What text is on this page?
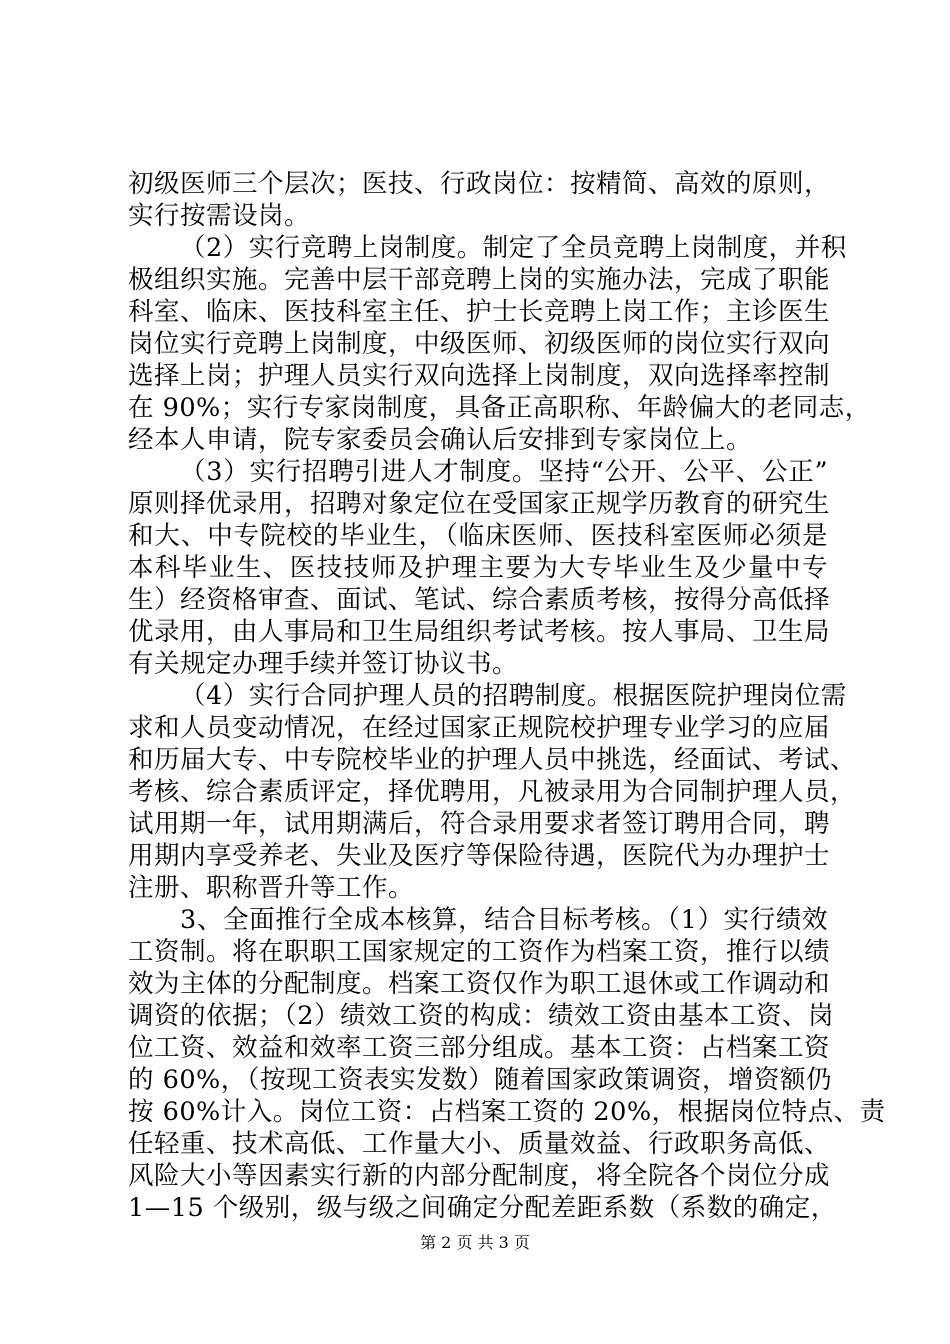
初级医师三个层次；医技、行政岗位：按精简、高效的原则，
实行按需设岗。
（2）实行竞聘上岗制度。制定了全员竞聘上岗制度，并积
极组织实施。完善中层干部竞聘上岗的实施办法，完成了职能
科室、临床、医技科室主任、护士长竞聘上岗工作；主诊医生
岗位实行竞聘上岗制度，中级医师、初级医师的岗位实行双向
选择上岗；护理人员实行双向选择上岗制度，双向选择率控制
在 90%；实行专家岗制度，具备正高职称、年龄偏大的老同志，
经本人申请，院专家委员会确认后安排到专家岗位上。
（3）实行招聘引进人才制度。坚持“公开、公平、公正”
原则择优录用，招聘对象定位在受国家正规学历教育的研究生
和大、中专院校的毕业生，（临床医师、医技科室医师必须是
本科毕业生、医技技师及护理主要为大专毕业生及少量中专
生）经资格审查、面试、笔试、综合素质考核，按得分高低择
优录用，由人事局和卫生局组织考试考核。按人事局、卫生局
有关规定办理手续并签订协议书。
（4）实行合同护理人员的招聘制度。根据医院护理岗位需
求和人员变动情况，在经过国家正规院校护理专业学习的应届
和历届大专、中专院校毕业的护理人员中挑选，经面试、考试、
考核、综合素质评定，择优聘用，凡被录用为合同制护理人员，
试用期一年，试用期满后，符合录用要求者签订聘用合同，聘
用期内享受养老、失业及医疗等保险待遇，医院代为办理护士
注册、职称晋升等工作。
3、全面推行全成本核算，结合目标考核。（1）实行绩效
工资制。将在职职工国家规定的工资作为档案工资，推行以绩
效为主体的分配制度。档案工资仅作为职工退休或工作调动和
调资的依据；（2）绩效工资的构成：绩效工资由基本工资、岗
位工资、效益和效率工资三部分组成。基本工资：占档案工资
的 60%，（按现工资表实发数）随着国家政策调资，增资额仍
按 60%计入。岗位工资：占档案工资的 20%，根据岗位特点、责
任轻重、技术高低、工作量大小、质量效益、行政职务高低、
风险大小等因素实行新的内部分配制度，将全院各个岗位分成
1—15 个级别，级与级之间确定分配差距系数（系数的确定，
第 2 页 共 3 页
